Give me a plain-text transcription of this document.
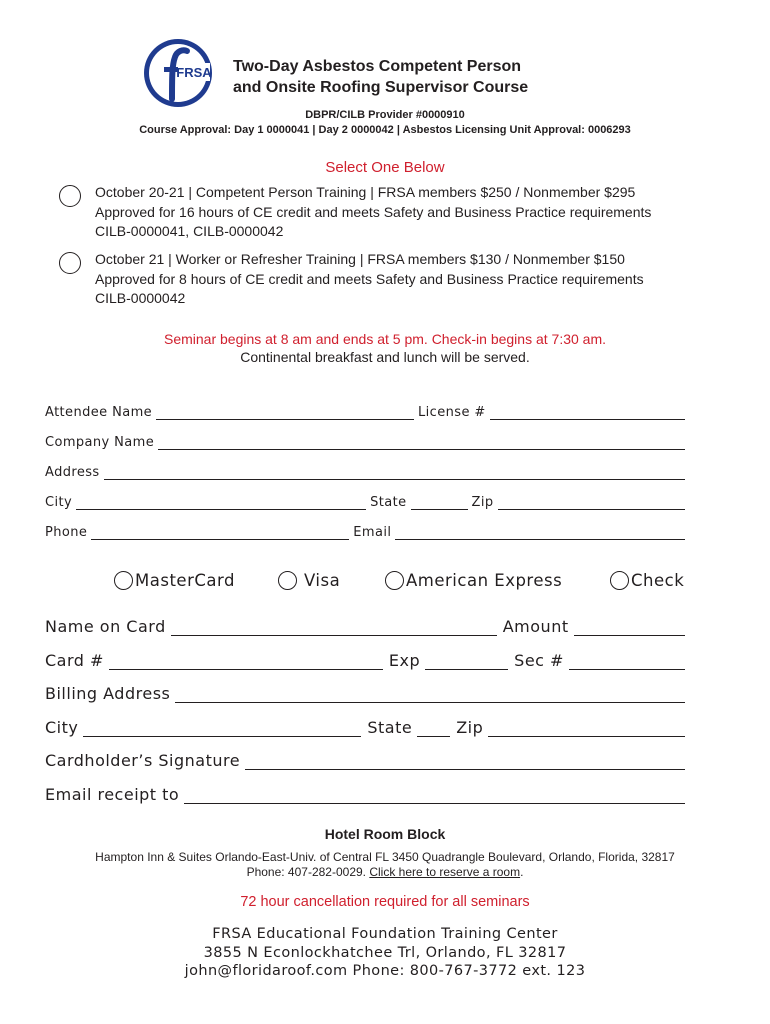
FRSA Two-Day Asbestos Competent Person
and Onsite Roofing Supervisor Course
DBPR/CILB Provider #0000910
Course Approval: Day 1 0000041 | Day 2 0000042 | Asbestos Licensing Unit Approval: 0006293
Select One Below
October 20-21 | Competent Person Training | FRSA members $250 / Nonmember $295
Approved for 16 hours of CE credit and meets Safety and Business Practice requirements
CILB-0000041, CILB-0000042
October 21 | Worker or Refresher Training | FRSA members $130 / Nonmember $150
Approved for 8 hours of CE credit and meets Safety and Business Practice requirements
CILB-0000042
Seminar begins at 8 am and ends at 5 pm. Check-in begins at 7:30 am.
Continental breakfast and lunch will be served.
Attendee Name	License #
Company Name
Address
City	State	Zip
Phone	Email
MasterCard	Visa	American Express	Check
Name on Card	Amount
Card #	Exp	Sec #
Billing Address
City	State	Zip
Cardholder’s Signature
Email receipt to
Hotel Room Block
Hampton Inn & Suites Orlando-East-Univ. of Central FL 3450 Quadrangle Boulevard, Orlando, Florida, 32817
Phone: 407-282-0029. Click here to reserve a room.
72 hour cancellation required for all seminars
FRSA Educational Foundation Training Center
3855 N Econlockhatchee Trl, Orlando, FL 32817
john@floridaroof.com Phone: 800-767-3772 ext. 123
